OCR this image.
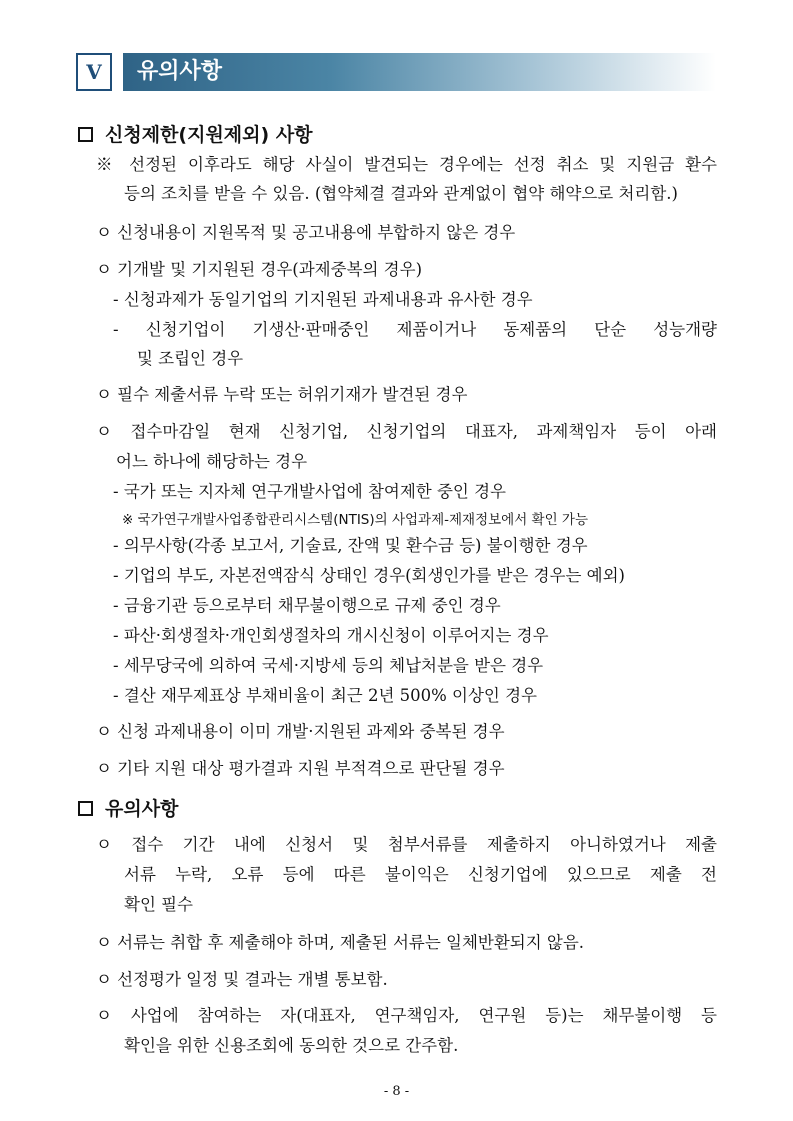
Ⅴ	유의사항
신청제한(지원제외) 사항
※ 선정된 이후라도 해당 사실이 발견되는 경우에는 선정 취소 및 지원금 환수
등의 조치를 받을 수 있음. (협약체결 결과와 관계없이 협약 해약으로 처리함.)
ㅇ 신청내용이 지원목적 및 공고내용에 부합하지 않은 경우
ㅇ 기개발 및 기지원된 경우(과제중복의 경우)
- 신청과제가 동일기업의 기지원된 과제내용과 유사한 경우
- 신청기업이 기생산·판매중인 제품이거나 동제품의 단순 성능개량
및 조립인 경우
ㅇ 필수 제출서류 누락 또는 허위기재가 발견된 경우
ㅇ 접수마감일 현재 신청기업, 신청기업의 대표자, 과제책임자 등이 아래
어느 하나에 해당하는 경우
- 국가 또는 지자체 연구개발사업에 참여제한 중인 경우
※ 국가연구개발사업종합관리시스템(NTIS)의 사업과제-제재정보에서 확인 가능
- 의무사항(각종 보고서, 기술료, 잔액 및 환수금 등) 불이행한 경우
- 기업의 부도, 자본전액잠식 상태인 경우(회생인가를 받은 경우는 예외)
- 금융기관 등으로부터 채무불이행으로 규제 중인 경우
- 파산·회생절차·개인회생절차의 개시신청이 이루어지는 경우
- 세무당국에 의하여 국세·지방세 등의 체납처분을 받은 경우
- 결산 재무제표상 부채비율이 최근 2년 500% 이상인 경우
ㅇ 신청 과제내용이 이미 개발·지원된 과제와 중복된 경우
ㅇ 기타 지원 대상 평가결과 지원 부적격으로 판단될 경우
유의사항
ㅇ 접수 기간 내에 신청서 및 첨부서류를 제출하지 아니하였거나 제출
서류 누락, 오류 등에 따른 불이익은 신청기업에 있으므로 제출 전
확인 필수
ㅇ 서류는 취합 후 제출해야 하며, 제출된 서류는 일체반환되지 않음.
ㅇ 선정평가 일정 및 결과는 개별 통보함.
ㅇ 사업에 참여하는 자(대표자, 연구책임자, 연구원 등)는 채무불이행 등
확인을 위한 신용조회에 동의한 것으로 간주함.
- 8 -
